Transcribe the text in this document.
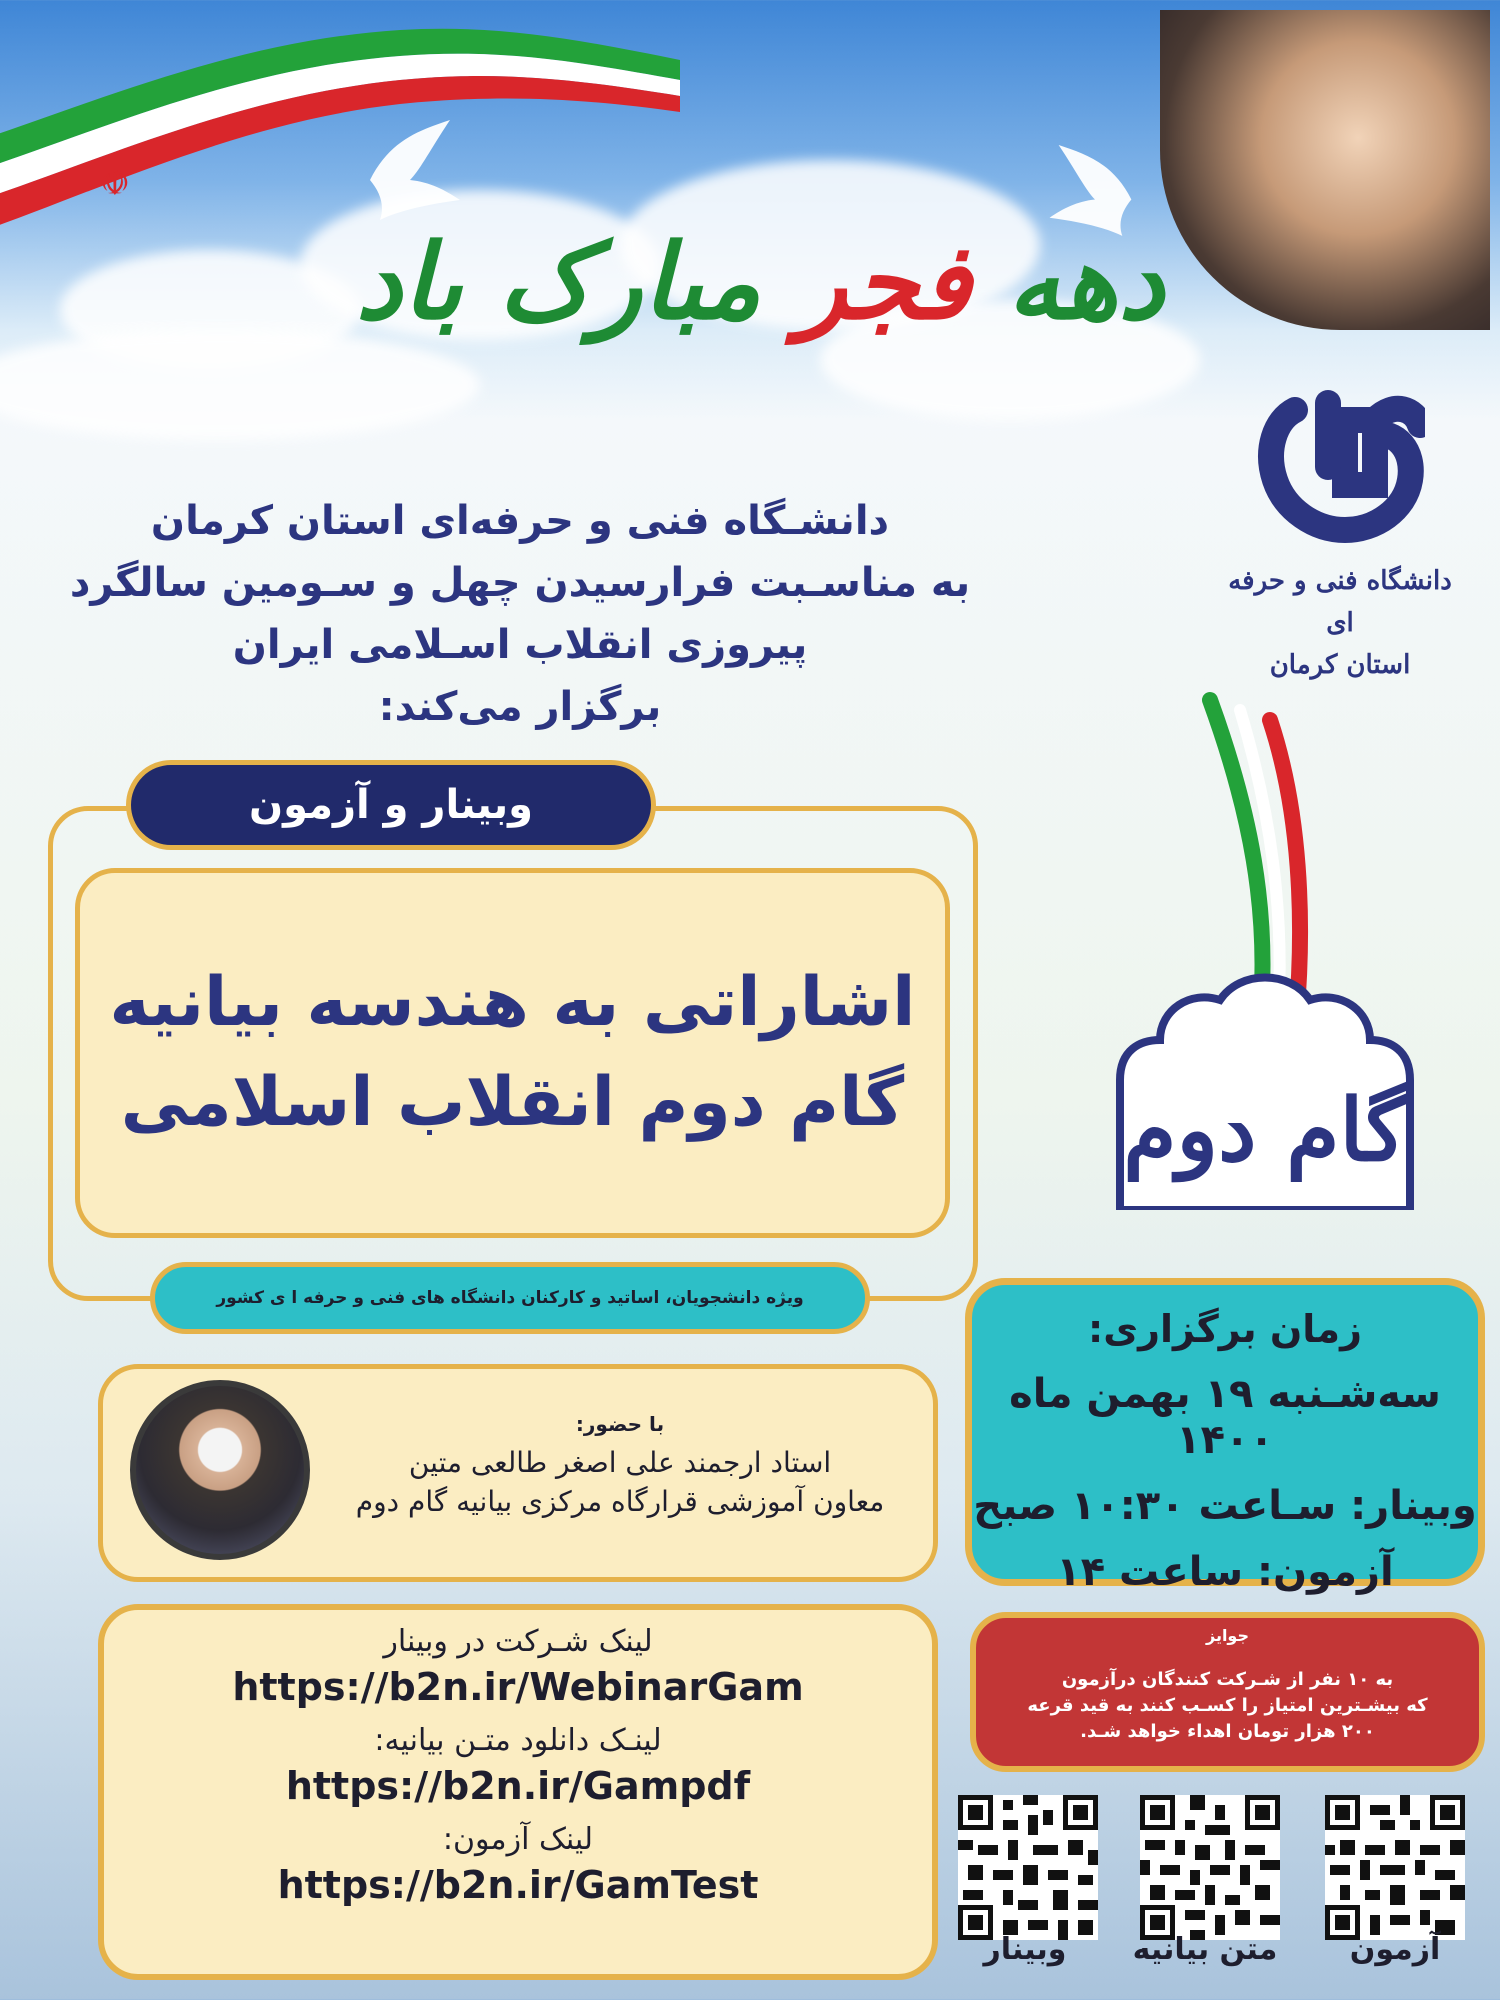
☫
دهه فجر مبارک باد
دانشگاه فنی و حرفه ای
استان کرمان
گام دوم
دانشـگاه فنی و حرفه‌ای استان کرمان
به مناسـبت فرارسیدن چهل و سـومین سالگرد
پیروزی انقلاب اسـلامی ایران
برگزار می‌کند:
اشاراتی به هندسه بیانیه
گام دوم انقلاب اسلامی
وبینار و آزمون
ویژه دانشجویان، اساتید و کارکنان دانشگاه های فنی و حرفه ا ی کشور
زمان برگزاری:
سه‌شـنبه ۱۹ بهمن ماه ۱۴۰۰
وبینار: سـاعت ۱۰:۳۰ صبح
آزمون: ساعت ۱۴
با حضور:
استاد ارجمند علی اصغر طالعی متین
معاون آموزشی قرارگاه مرکزی بیانیه گام دوم
جوایز
به ۱۰ نفر از شـرکت کنندگان درآزمون
که بیشـترین امتیاز را کسـب کنند به قید قرعه
۲۰۰ هزار تومان اهداء خواهد شـد.
لینک شـرکت در وبینار
https://b2n.ir/WebinarGam
لینـک دانلود متـن بیانیه:
https://b2n.ir/Gampdf
لینک آزمون:
https://b2n.ir/GamTest
وبینار	متن بیانیه	آزمون
